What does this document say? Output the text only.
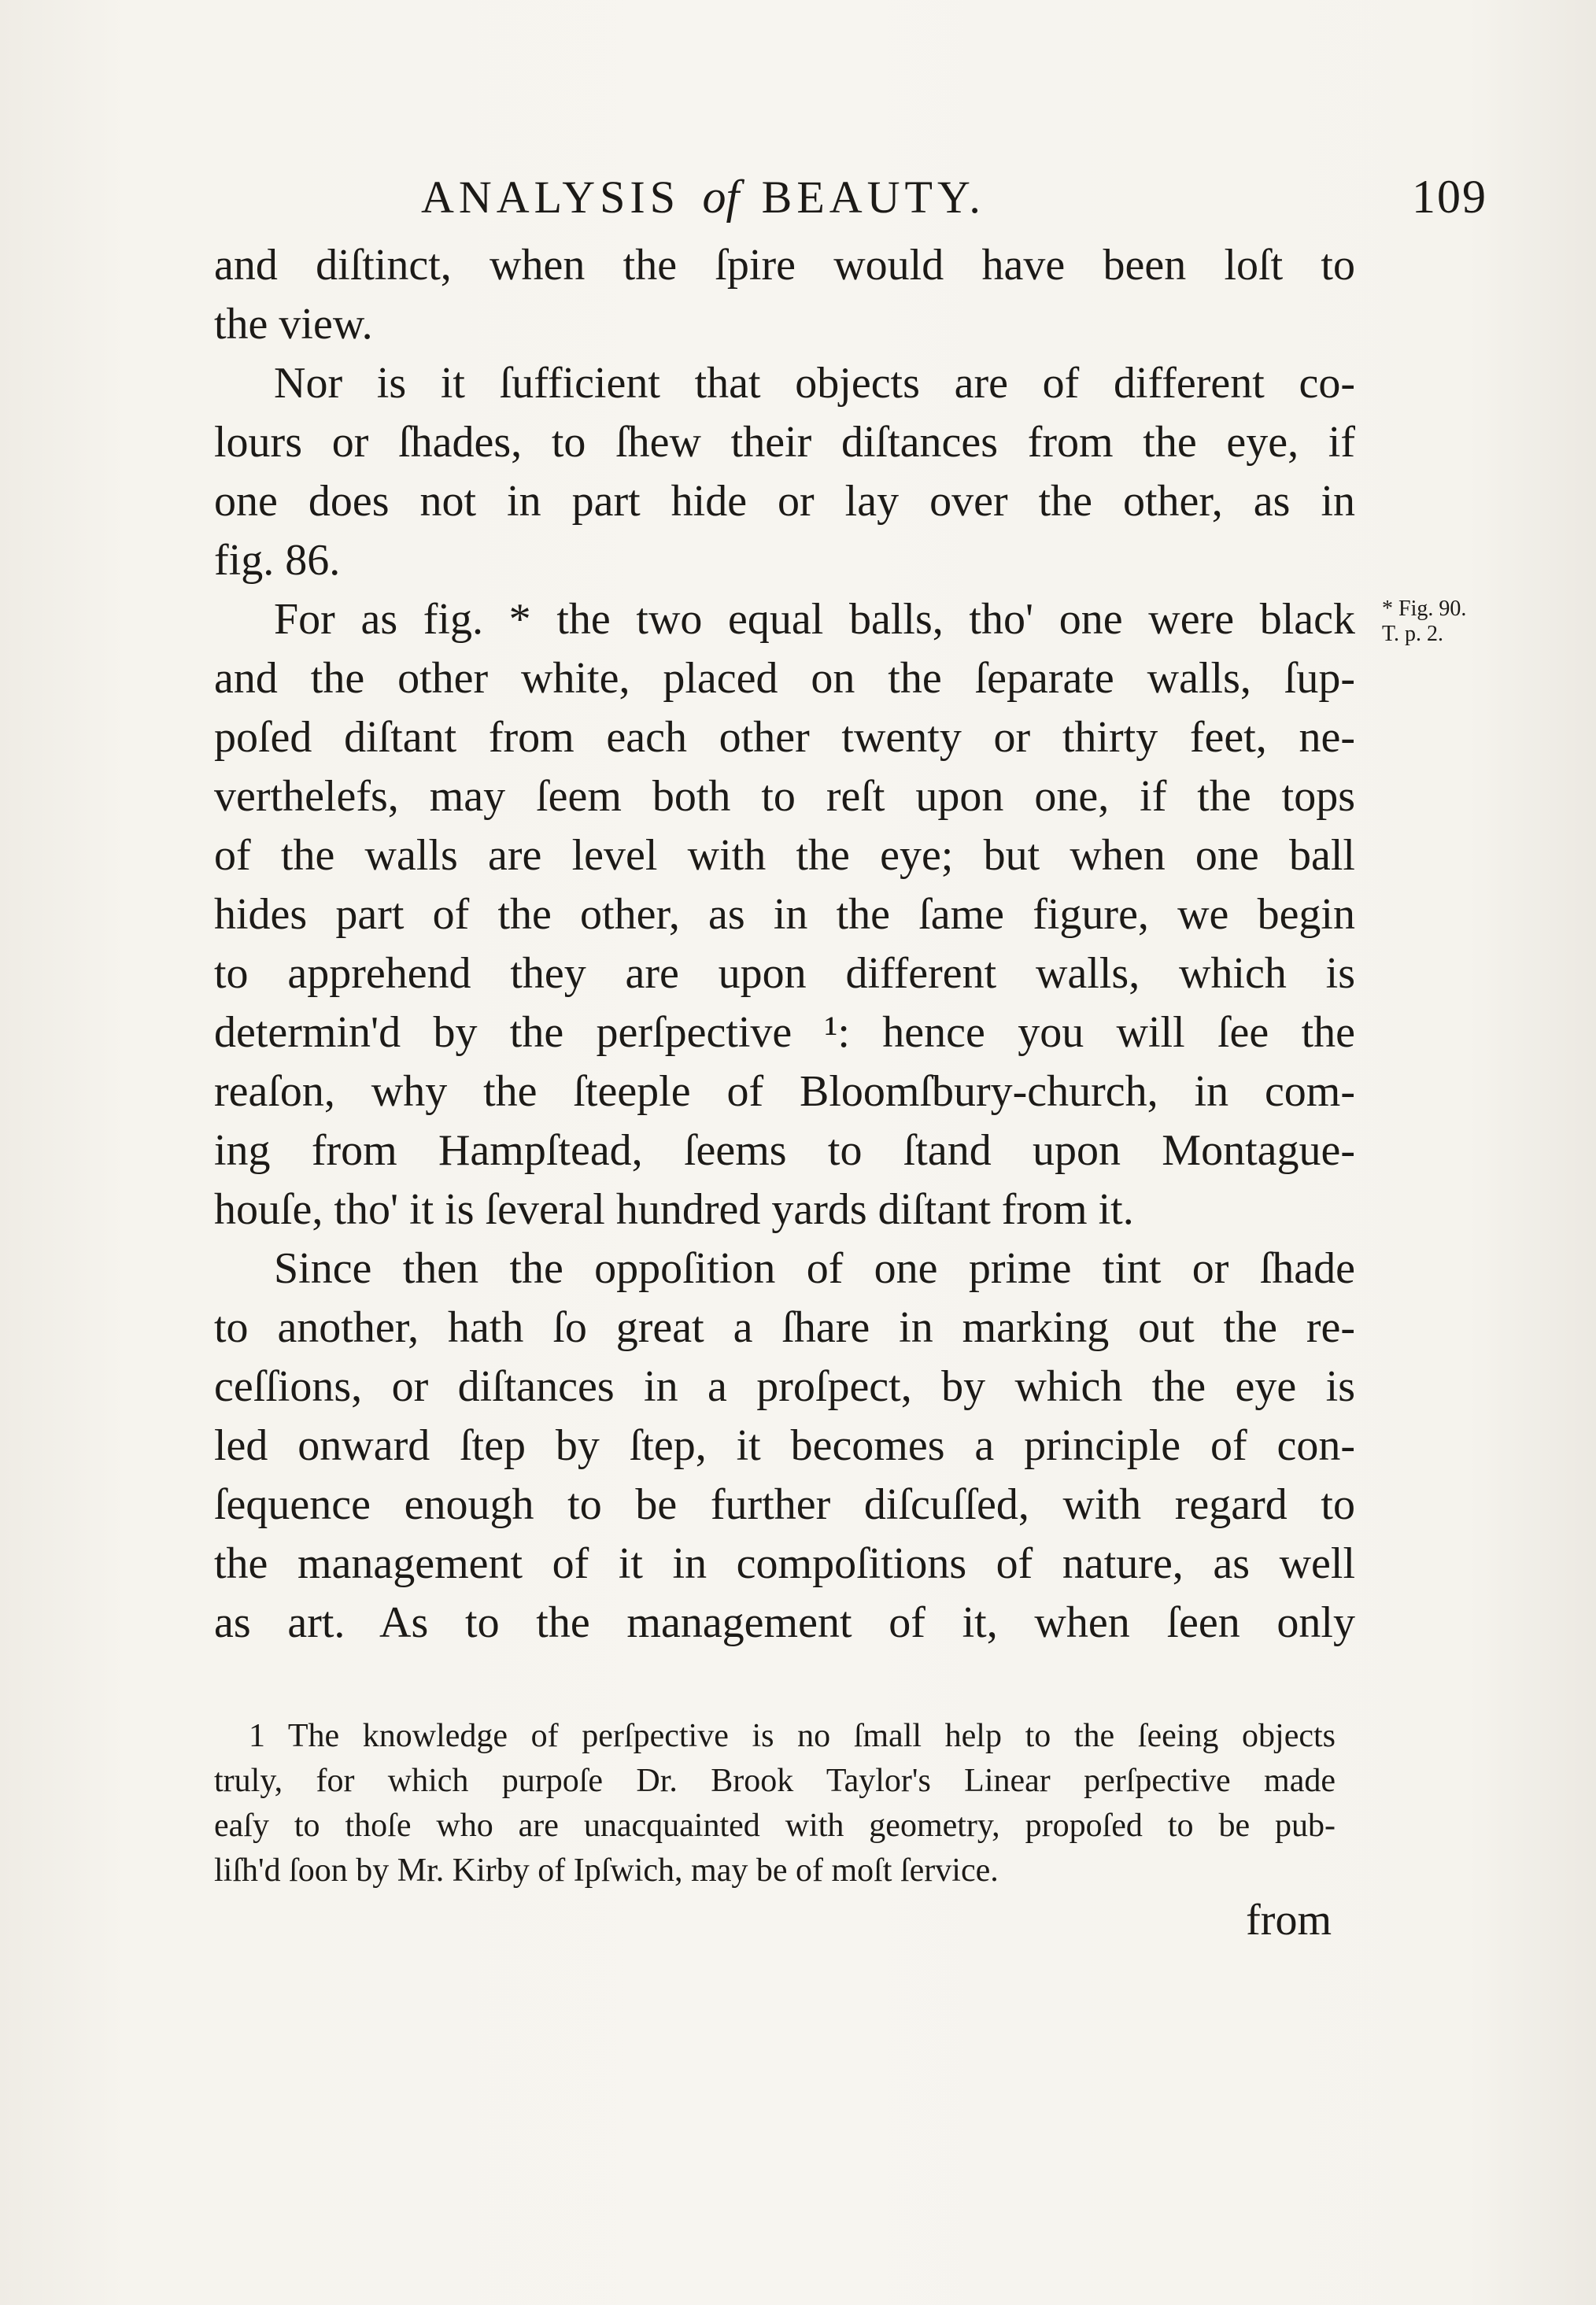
ANALYSIS of BEAUTY.	109
and diſtinct, when the ſpire would have been loſt to
the view.
Nor is it ſufficient that objects are of different co-
lours or ſhades, to ſhew their diſtances from the eye, if
one does not in part hide or lay over the other, as in
fig. 86.
For as fig. * the two equal balls, tho' one were black
and the other white, placed on the ſeparate walls, ſup-
poſed diſtant from each other twenty or thirty feet, ne-
verthelefs, may ſeem both to reſt upon one, if the tops
of the walls are level with the eye; but when one ball
hides part of the other, as in the ſame figure, we begin
to apprehend they are upon different walls, which is
determin'd by the perſpective ¹: hence you will ſee the
reaſon, why the ſteeple of Bloomſbury-church, in com-
ing from Hampſtead, ſeems to ſtand upon Montague-
houſe, tho' it is ſeveral hundred yards diſtant from it.
Since then the oppoſition of one prime tint or ſhade
to another, hath ſo great a ſhare in marking out the re-
ceſſions, or diſtances in a proſpect, by which the eye is
led onward ſtep by ſtep, it becomes a principle of con-
ſequence enough to be further diſcuſſed, with regard to
the management of it in compoſitions of nature, as well
as art. As to the management of it, when ſeen only
* Fig. 90.
T. p. 2.
1 The knowledge of perſpective is no ſmall help to the ſeeing objects
truly, for which purpoſe Dr. Brook Taylor's Linear perſpective made
eaſy to thoſe who are unacquainted with geometry, propoſed to be pub-
liſh'd ſoon by Mr. Kirby of Ipſwich, may be of moſt ſervice.
from
